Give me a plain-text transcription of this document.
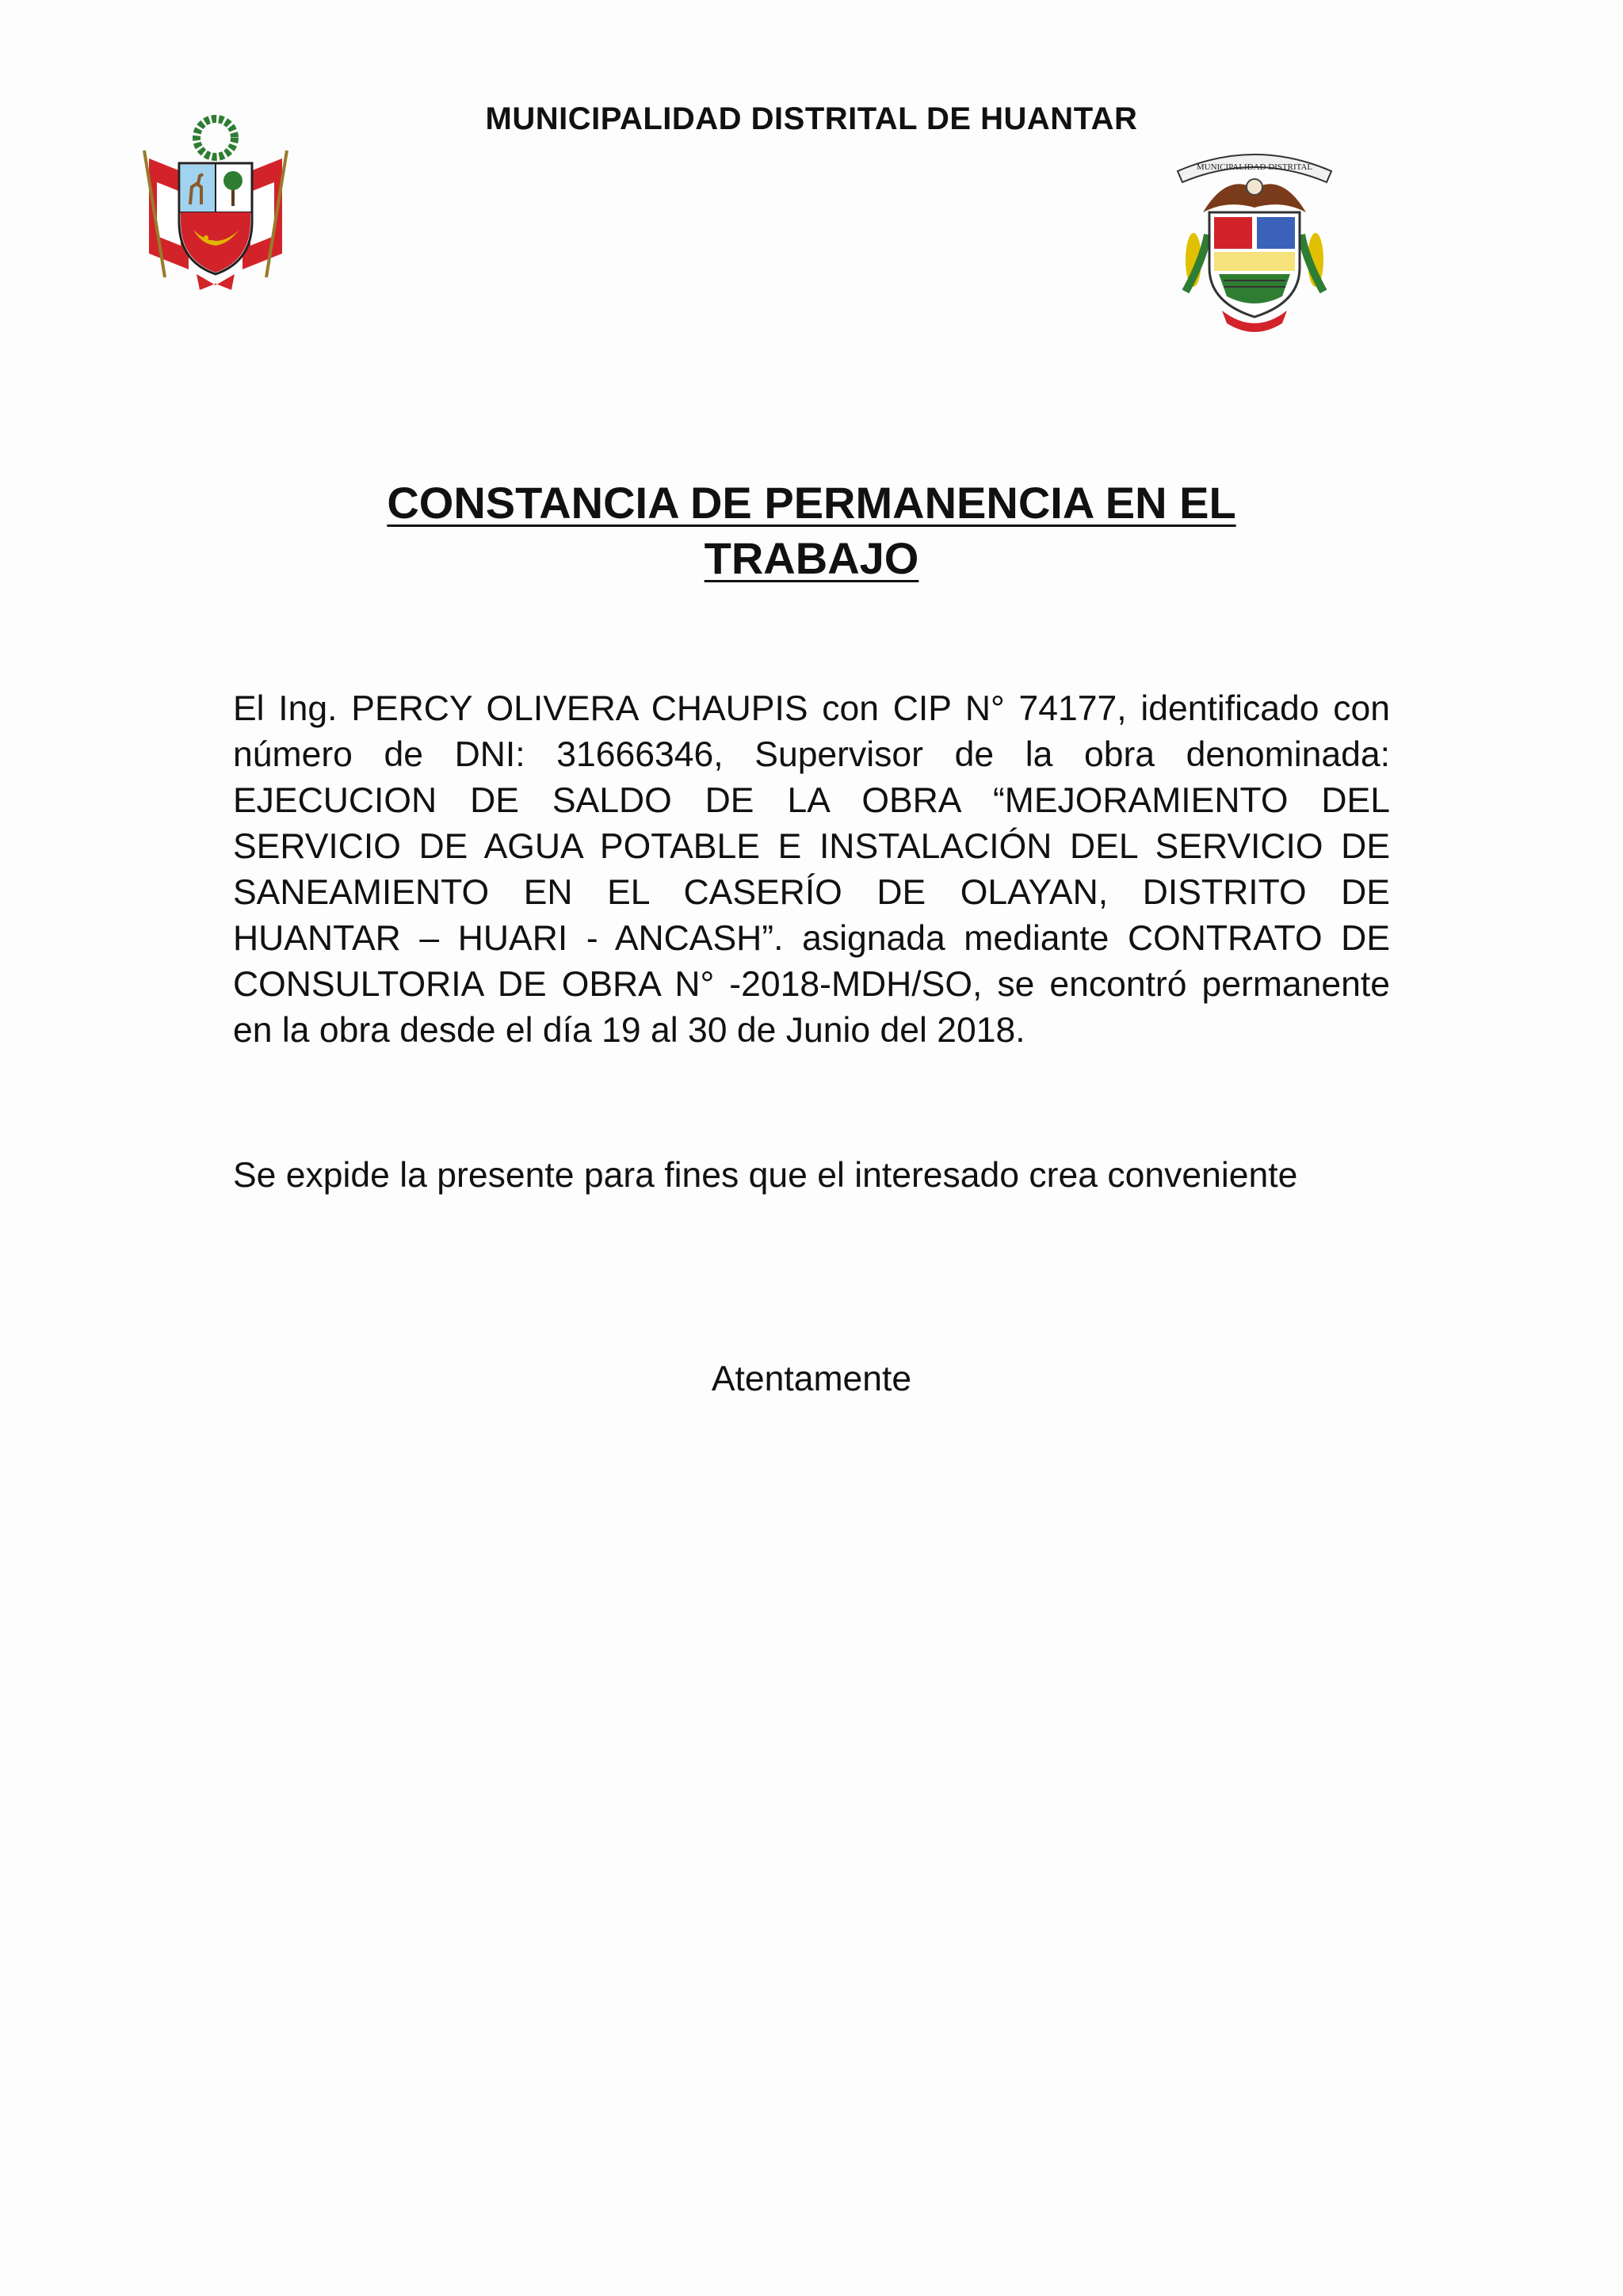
MUNICIPALIDAD DISTRITAL DE HUANTAR
MUNICIPALIDAD DISTRITAL
CONSTANCIA DE PERMANENCIA EN EL
TRABAJO

El Ing. PERCY OLIVERA CHAUPIS con CIP N° 74177, identificado con número de DNI: 31666346, Supervisor de la obra denominada: EJECUCION DE SALDO DE LA OBRA “MEJORAMIENTO DEL SERVICIO DE AGUA POTABLE E INSTALACIÓN DEL SERVICIO DE SANEAMIENTO EN EL CASERÍO DE OLAYAN, DISTRITO DE HUANTAR – HUARI - ANCASH”. asignada mediante CONTRATO DE CONSULTORIA DE OBRA N° -2018-MDH/SO, se encontró permanente en la obra desde el día 19 al 30 de Junio del 2018.

Se expide la presente para fines que el interesado crea conveniente

Atentamente
